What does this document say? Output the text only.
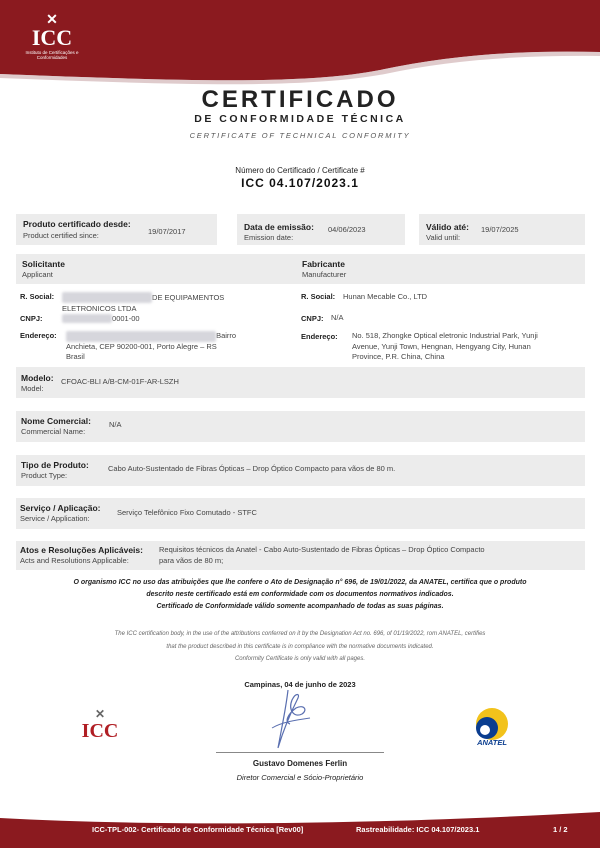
✕
ICC
Instituto de Certificações e Conformidades
CERTIFICADO
DE CONFORMIDADE TÉCNICA
CERTIFICATE OF TECHNICAL CONFORMITY
Número do Certificado / Certificate #
ICC 04.107/2023.1
Produto certificado desde:
Product certified since:	19/07/2017	Data de emissão:
Emission date:
04/06/2023	Válido até:
Valid until:
19/07/2025
Solicitante
Applicant
Fabricante
Manufacturer
R. Social:	DE EQUIPAMENTOS
ELETRONICOS LTDA
CNPJ:	0001-00
Endereço:	Bairro
Anchieta, CEP 90200-001, Porto Alegre – RS
Brasil
R. Social: Hunan Mecable Co., LTD
CNPJ: N/A
Endereço: No. 518, Zhongke Optical eletronic Industrial Park, Yunji
Avenue, Yunji Town, Hengnan, Hengyang City, Hunan
Province, P.R. China, China
Modelo:
Model:
CFOAC-BLI A/B-CM-01F-AR-LSZH
Nome Comercial:
Commercial Name:
N/A
Tipo de Produto:
Product Type:
Cabo Auto-Sustentado de Fibras Ópticas – Drop Óptico Compacto para vãos de 80 m.
Serviço / Aplicação:
Service / Application:
Serviço Telefônico Fixo Comutado - STFC
Atos e Resoluções Aplicáveis:
Acts and Resolutions Applicable:
Requisitos técnicos da Anatel - Cabo Auto-Sustentado de Fibras Ópticas – Drop Óptico Compacto
para vãos de 80 m;
O organismo ICC no uso das atribuições que lhe confere o Ato de Designação n° 696, de 19/01/2022, da ANATEL, certifica que o produto
descrito neste certificado está em conformidade com os documentos normativos indicados.
Certificado de Conformidade válido somente acompanhado de todas as suas páginas.
The ICC certification body, in the use of the attributions conferred on it by the Designation Act no. 696, of 01/19/2022, rom ANATEL, certifies
that the product described in this certificate is in compliance with the normative documents indicated.
Conformity Certificate is only valid with all pages.
Campinas, 04 de junho de 2023
Gustavo Domenes Ferlin
Diretor Comercial e Sócio-Proprietário
✕
ICC
ANATEL
ICC-TPL-002- Certificado de Conformidade Técnica [Rev00]	Rastreabilidade: ICC 04.107/2023.1	1 / 2
